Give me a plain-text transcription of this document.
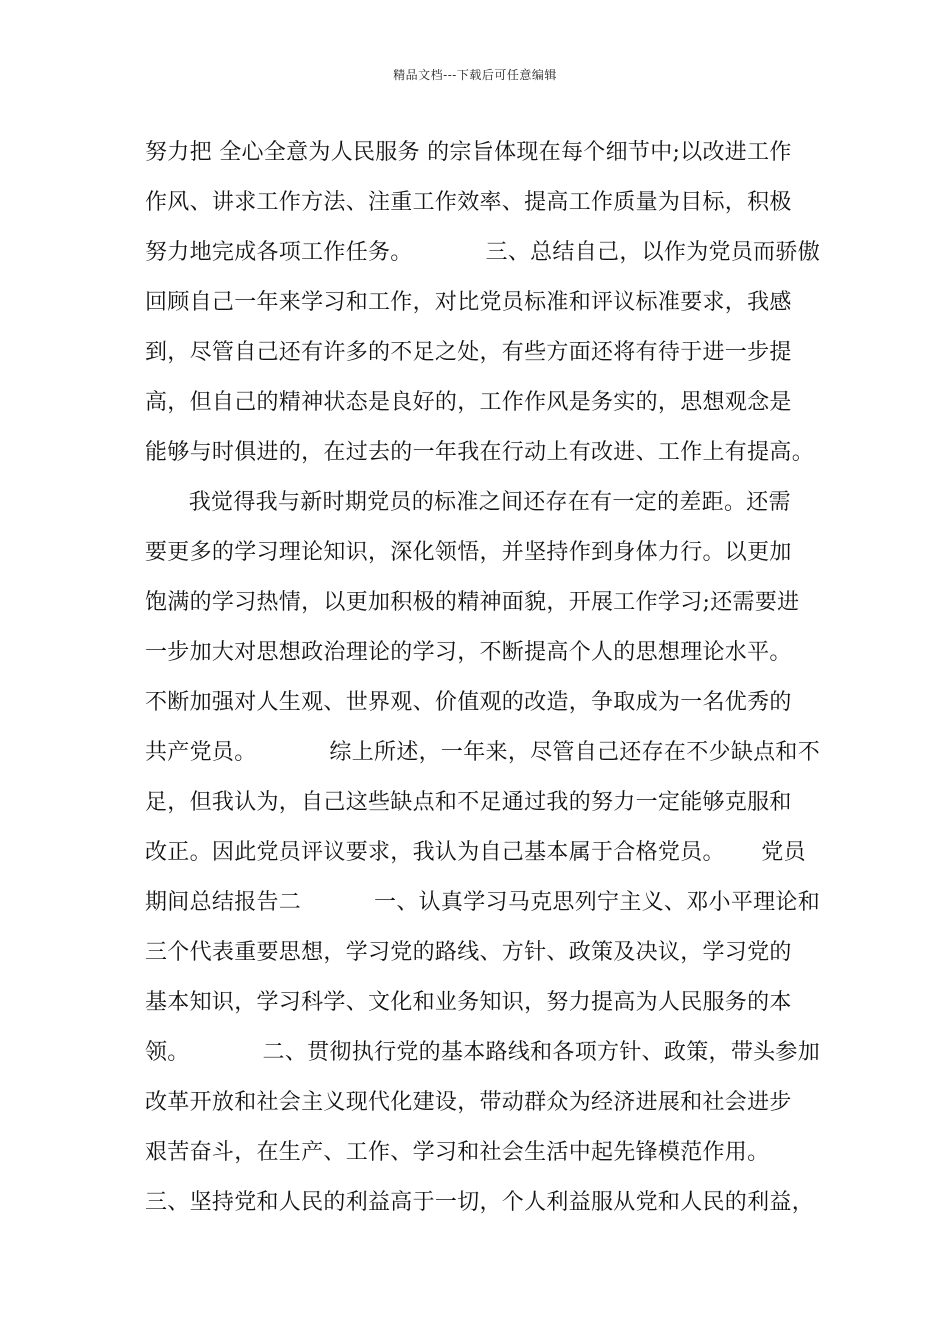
精品文档---下载后可任意编辑
努力把 全心全意为人民服务 的宗旨体现在每个细节中;以改进工作
作风、讲求工作方法、注重工作效率、提高工作质量为目标，积极
努力地完成各项工作任务。          三、总结自己，以作为党员而骄傲
回顾自己一年来学习和工作，对比党员标准和评议标准要求，我感
到，尽管自己还有许多的不足之处，有些方面还将有待于进一步提
高，但自己的精神状态是良好的，工作作风是务实的，思想观念是
能够与时俱进的，在过去的一年我在行动上有改进、工作上有提高。
我觉得我与新时期党员的标准之间还存在有一定的差距。还需
要更多的学习理论知识，深化领悟，并坚持作到身体力行。以更加
饱满的学习热情，以更加积极的精神面貌，开展工作学习;还需要进
一步加大对思想政治理论的学习，不断提高个人的思想理论水平。
不断加强对人生观、世界观、价值观的改造，争取成为一名优秀的
共产党员。          综上所述，一年来，尽管自己还存在不少缺点和不
足，但我认为，自己这些缺点和不足通过我的努力一定能够克服和
改正。因此党员评议要求，我认为自己基本属于合格党员。     党员
期间总结报告二          一、认真学习马克思列宁主义、邓小平理论和
三个代表重要思想，学习党的路线、方针、政策及决议，学习党的
基本知识，学习科学、文化和业务知识，努力提高为人民服务的本
领。          二、贯彻执行党的基本路线和各项方针、政策，带头参加
改革开放和社会主义现代化建设，带动群众为经济进展和社会进步
艰苦奋斗，在生产、工作、学习和社会生活中起先锋模范作用。
三、坚持党和人民的利益高于一切，个人利益服从党和人民的利益，
